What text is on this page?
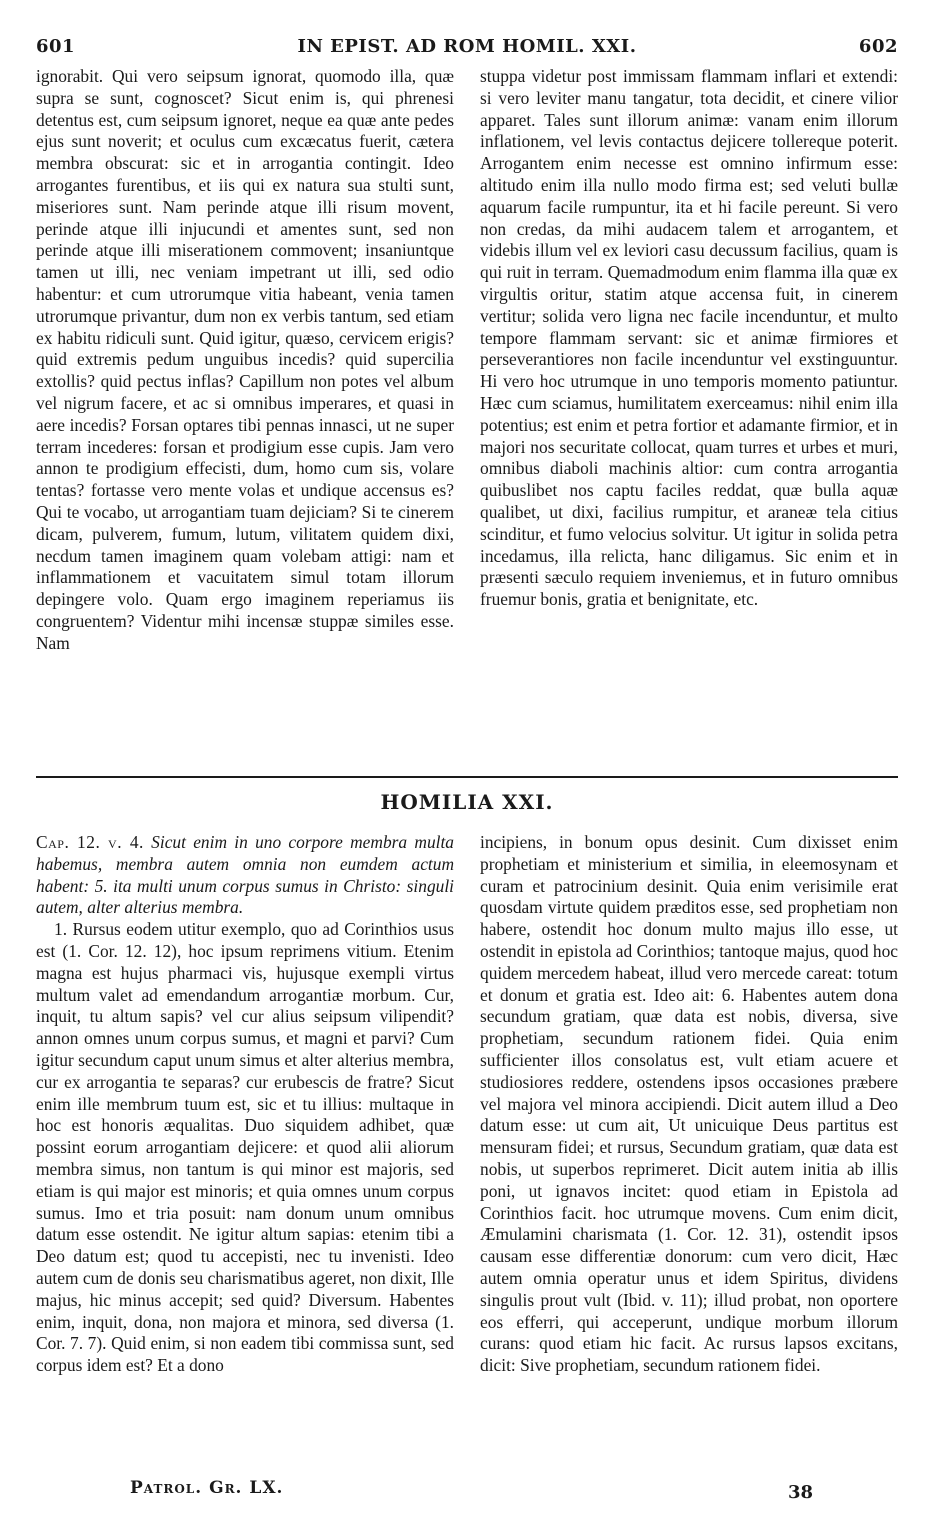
601	IN EPIST. AD ROM HOMIL. XXI.	602

ignorabit. Qui vero seipsum ignorat, quomodo illa, quæ supra se sunt, cognoscet? Sicut enim is, qui phrenesi detentus est, cum seipsum ignoret, neque ea quæ ante pedes ejus sunt noverit; et oculus cum excæcatus fuerit, cætera membra obscurat: sic et in arrogantia contingit. Ideo arrogantes furentibus, et iis qui ex natura sua stulti sunt, miseriores sunt. Nam perinde atque illi risum movent, perinde atque illi injucundi et amentes sunt, sed non perinde atque illi miserationem commovent; insaniuntque tamen ut illi, nec veniam impetrant ut illi, sed odio habentur: et cum utrorumque vitia habeant, venia tamen utrorumque privantur, dum non ex verbis tantum, sed etiam ex habitu ridiculi sunt. Quid igitur, quæso, cervicem erigis? quid extremis pedum unguibus incedis? quid supercilia extollis? quid pectus inflas? Capillum non potes vel album vel nigrum facere, et ac si omnibus imperares, et quasi in aere incedis? Forsan optares tibi pennas innasci, ut ne super terram incederes: forsan et prodigium esse cupis. Jam vero annon te prodigium effecisti, dum, homo cum sis, volare tentas? fortasse vero mente volas et undique accensus es? Qui te vocabo, ut arrogantiam tuam dejiciam? Si te cinerem dicam, pulverem, fumum, lutum, vilitatem quidem dixi, necdum tamen imaginem quam volebam attigi: nam et inflammationem et vacuitatem simul totam illorum depingere volo. Quam ergo imaginem reperiamus iis congruentem? Videntur mihi incensæ stuppæ similes esse. Nam

stuppa videtur post immissam flammam inflari et extendi: si vero leviter manu tangatur, tota decidit, et cinere vilior apparet. Tales sunt illorum animæ: vanam enim illorum inflationem, vel levis contactus dejicere tollereque poterit. Arrogantem enim necesse est omnino infirmum esse: altitudo enim illa nullo modo firma est; sed veluti bullæ aquarum facile rumpuntur, ita et hi facile pereunt. Si vero non credas, da mihi audacem talem et arrogantem, et videbis illum vel ex leviori casu decussum facilius, quam is qui ruit in terram. Quemadmodum enim flamma illa quæ ex virgultis oritur, statim atque accensa fuit, in cinerem vertitur; solida vero ligna nec facile incenduntur, et multo tempore flammam servant: sic et animæ firmiores et perseverantiores non facile incenduntur vel exstinguuntur. Hi vero hoc utrumque in uno temporis momento patiuntur. Hæc cum sciamus, humilitatem exerceamus: nihil enim illa potentius; est enim et petra fortior et adamante firmior, et in majori nos securitate collocat, quam turres et urbes et muri, omnibus diaboli machinis altior: cum contra arrogantia quibuslibet nos captu faciles reddat, quæ bulla aquæ qualibet, ut dixi, facilius rumpitur, et araneæ tela citius scinditur, et fumo velocius solvitur. Ut igitur in solida petra incedamus, illa relicta, hanc diligamus. Sic enim et in præsenti sæculo requiem inveniemus, et in futuro omnibus fruemur bonis, gratia et benignitate, etc.

HOMILIA XXI.

Cap. 12. v. 4. Sicut enim in uno corpore membra multa habemus, membra autem omnia non eumdem actum habent: 5. ita multi unum corpus sumus in Christo: singuli autem, alter alterius membra.

1. Rursus eodem utitur exemplo, quo ad Corinthios usus est (1. Cor. 12. 12), hoc ipsum reprimens vitium. Etenim magna est hujus pharmaci vis, hujusque exempli virtus multum valet ad emendandum arrogantiæ morbum. Cur, inquit, tu altum sapis? vel cur alius seipsum vilipendit? annon omnes unum corpus sumus, et magni et parvi? Cum igitur secundum caput unum simus et alter alterius membra, cur ex arrogantia te separas? cur erubescis de fratre? Sicut enim ille membrum tuum est, sic et tu illius: multaque in hoc est honoris æqualitas. Duo siquidem adhibet, quæ possint eorum arrogantiam dejicere: et quod alii aliorum membra simus, non tantum is qui minor est majoris, sed etiam is qui major est minoris; et quia omnes unum corpus sumus. Imo et tria posuit: nam donum unum omnibus datum esse ostendit. Ne igitur altum sapias: etenim tibi a Deo datum est; quod tu accepisti, nec tu invenisti. Ideo autem cum de donis seu charismatibus ageret, non dixit, Ille majus, hic minus accepit; sed quid? Diversum. Habentes enim, inquit, dona, non majora et minora, sed diversa (1. Cor. 7. 7). Quid enim, si non eadem tibi commissa sunt, sed corpus idem est? Et a dono

incipiens, in bonum opus desinit. Cum dixisset enim prophetiam et ministerium et similia, in eleemosynam et curam et patrocinium desinit. Quia enim verisimile erat quosdam virtute quidem præditos esse, sed prophetiam non habere, ostendit hoc donum multo majus illo esse, ut ostendit in epistola ad Corinthios; tantoque majus, quod hoc quidem mercedem habeat, illud vero mercede careat: totum et donum et gratia est. Ideo ait: 6. Habentes autem dona secundum gratiam, quæ data est nobis, diversa, sive prophetiam, secundum rationem fidei. Quia enim sufficienter illos consolatus est, vult etiam acuere et studiosiores reddere, ostendens ipsos occasiones præbere vel majora vel minora accipiendi. Dicit autem illud a Deo datum esse: ut cum ait, Ut unicuique Deus partitus est mensuram fidei; et rursus, Secundum gratiam, quæ data est nobis, ut superbos reprimeret. Dicit autem initia ab illis poni, ut ignavos incitet: quod etiam in Epistola ad Corinthios facit. hoc utrumque movens. Cum enim dicit, Æmulamini charismata (1. Cor. 12. 31), ostendit ipsos causam esse differentiæ donorum: cum vero dicit, Hæc autem omnia operatur unus et idem Spiritus, dividens singulis prout vult (Ibid. v. 11); illud probat, non oportere eos efferri, qui acceperunt, undique morbum illorum curans: quod etiam hic facit. Ac rursus lapsos excitans, dicit: Sive prophetiam, secundum rationem fidei.

Patrol. Gr. LX.	38
